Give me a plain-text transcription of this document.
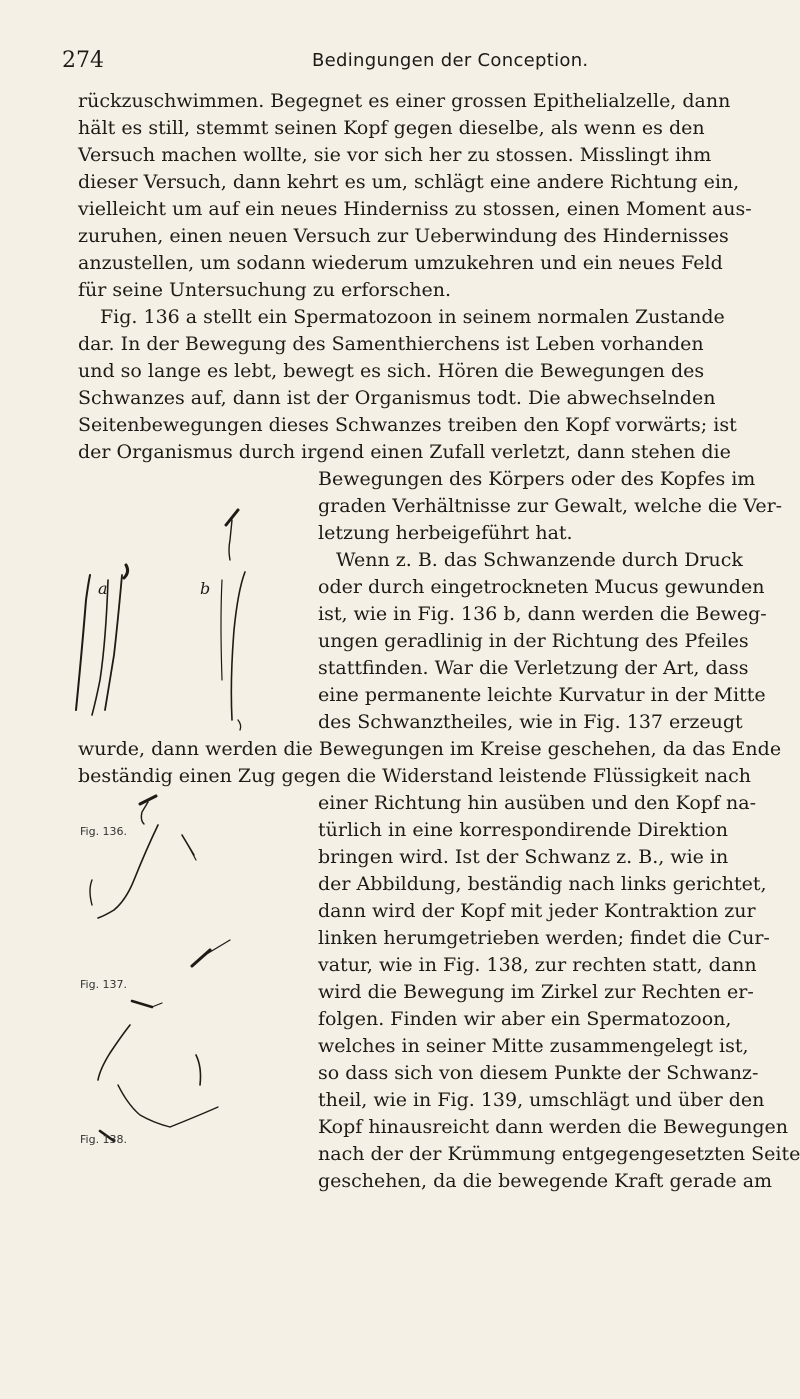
274	Bedingungen der Conception.
rückzuschwimmen. Begegnet es einer grossen Epithelialzelle, dann
hält es still, stemmt seinen Kopf gegen dieselbe, als wenn es den
Versuch machen wollte, sie vor sich her zu stossen. Misslingt ihm
dieser Versuch, dann kehrt es um, schlägt eine andere Richtung ein,
vielleicht um auf ein neues Hinderniss zu stossen, einen Moment aus-
zuruhen, einen neuen Versuch zur Ueberwindung des Hindernisses
anzustellen, um sodann wiederum umzukehren und ein neues Feld
für seine Untersuchung zu erforschen.
Fig. 136 a stellt ein Spermatozoon in seinem normalen Zustande
dar. In der Bewegung des Samenthierchens ist Leben vorhanden
und so lange es lebt, bewegt es sich. Hören die Bewegungen des
Schwanzes auf, dann ist der Organismus todt. Die abwechselnden
Seitenbewegungen dieses Schwanzes treiben den Kopf vorwärts; ist
der Organismus durch irgend einen Zufall verletzt, dann stehen die
a	b
Fig. 136.
Bewegungen des Körpers oder des Kopfes im
graden Verhältnisse zur Gewalt, welche die Ver-
letzung herbeigeführt hat.
Wenn z. B. das Schwanzende durch Druck
oder durch eingetrockneten Mucus gewunden
ist, wie in Fig. 136 b, dann werden die Beweg-
ungen geradlinig in der Richtung des Pfeiles
stattfinden. War die Verletzung der Art, dass
eine permanente leichte Kurvatur in der Mitte
des Schwanztheiles, wie in Fig. 137 erzeugt
wurde, dann werden die Bewegungen im Kreise geschehen, da das Ende
beständig einen Zug gegen die Widerstand leistende Flüssigkeit nach
Fig. 137.
Fig. 138.
einer Richtung hin ausüben und den Kopf na-
türlich in eine korrespondirende Direktion
bringen wird. Ist der Schwanz z. B., wie in
der Abbildung, beständig nach links gerichtet,
dann wird der Kopf mit jeder Kontraktion zur
linken herumgetrieben werden; findet die Cur-
vatur, wie in Fig. 138, zur rechten statt, dann
wird die Bewegung im Zirkel zur Rechten er-
folgen. Finden wir aber ein Spermatozoon,
welches in seiner Mitte zusammengelegt ist,
so dass sich von diesem Punkte der Schwanz-
theil, wie in Fig. 139, umschlägt und über den
Kopf hinausreicht dann werden die Bewegungen
nach der der Krümmung entgegengesetzten Seite
geschehen, da die bewegende Kraft gerade am
